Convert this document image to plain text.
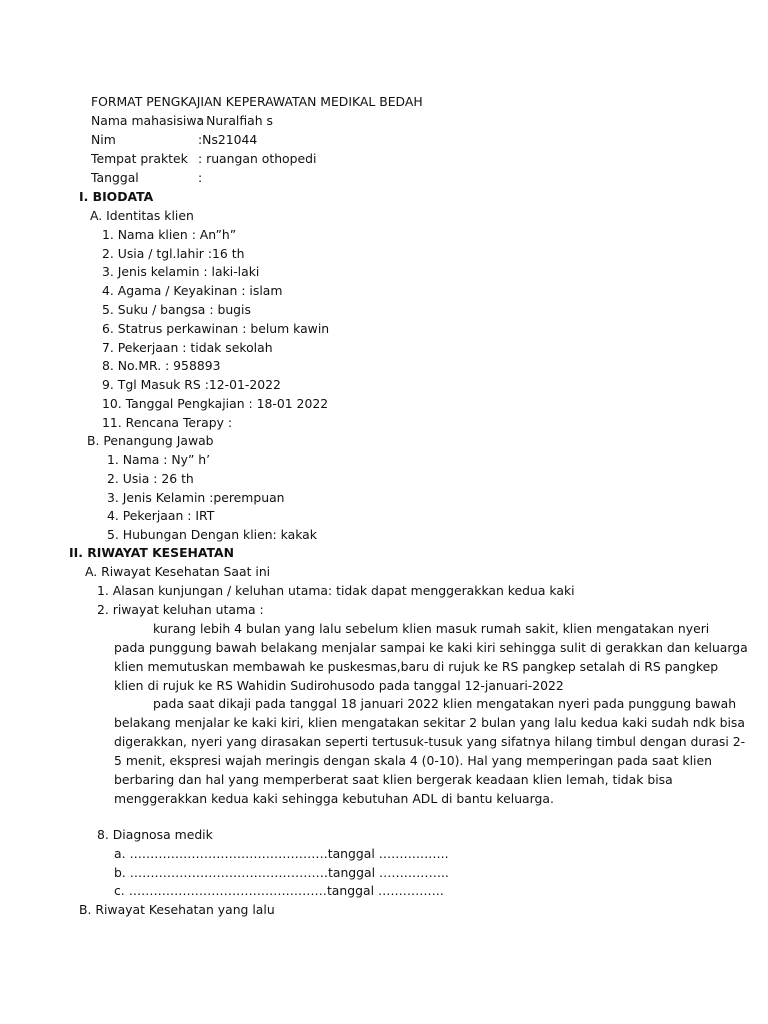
FORMAT PENGKAJIAN KEPERAWATAN MEDIKAL BEDAH
Nama mahasisiwa: Nuralfiah s
Nim	:Ns21044
Tempat praktek : ruangan othopedi
Tanggal	:
I. BIODATA
A. Identitas klien
1. Nama klien : An”h”
2. Usia / tgl.lahir :16 th
3. Jenis kelamin : laki-laki
4. Agama / Keyakinan : islam
5. Suku / bangsa : bugis
6. Statrus perkawinan : belum kawin
7. Pekerjaan : tidak sekolah
8. No.MR. : 958893
9. Tgl Masuk RS :12-01-2022
10. Tanggal Pengkajian : 18-01 2022
11. Rencana Terapy :
B. Penangung Jawab
1. Nama : Ny” h’
2. Usia : 26 th
3. Jenis Kelamin :perempuan
4. Pekerjaan : IRT
5. Hubungan Dengan klien: kakak
II. RIWAYAT KESEHATAN
A. Riwayat Kesehatan Saat ini
1. Alasan kunjungan / keluhan utama: tidak dapat menggerakkan kedua kaki
2. riwayat keluhan utama :
kurang lebih 4 bulan yang lalu sebelum klien masuk rumah sakit, klien mengatakan nyeri
pada punggung bawah belakang menjalar sampai ke kaki kiri sehingga sulit di gerakkan dan keluarga
klien memutuskan membawah ke puskesmas,baru di rujuk ke RS pangkep setalah di RS pangkep
klien di rujuk ke RS Wahidin Sudirohusodo pada tanggal 12-januari-2022
pada saat dikaji pada tanggal 18 januari 2022 klien mengatakan nyeri pada punggung bawah
belakang menjalar ke kaki kiri, klien mengatakan sekitar 2 bulan yang lalu kedua kaki sudah ndk bisa
digerakkan, nyeri yang dirasakan seperti tertusuk-tusuk yang sifatnya hilang timbul dengan durasi 2-
5 menit, ekspresi wajah meringis dengan skala 4 (0-10). Hal yang memperingan pada saat klien
berbaring dan hal yang memperberat saat klien bergerak keadaan klien lemah, tidak bisa
menggerakkan kedua kaki sehingga kebutuhan ADL di bantu keluarga.
8. Diagnosa medik
a. …………………………………………tanggal ……………..
b. …………………………………………tanggal ……………..
c. …………………………………………tanggal …………….
B. Riwayat Kesehatan yang lalu
